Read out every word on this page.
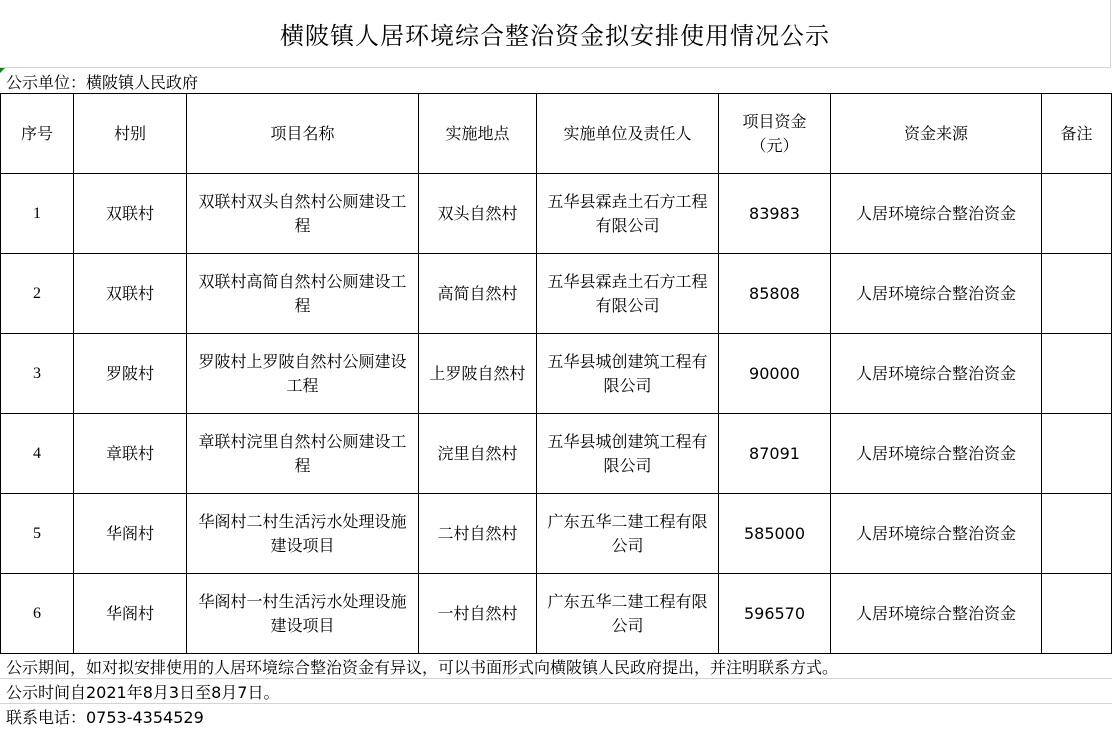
横陂镇人居环境综合整治资金拟安排使用情况公示
公示单位：横陂镇人民政府
序号	村别	项目名称	实施地点	实施单位及责任人	项目资金（元）	资金来源	备注
1	双联村	双联村双头自然村公厕建设工程	双头自然村	五华县霖垚土石方工程有限公司	83983	人居环境综合整治资金	
2	双联村	双联村高简自然村公厕建设工程	高简自然村	五华县霖垚土石方工程有限公司	85808	人居环境综合整治资金	
3	罗陂村	罗陂村上罗陂自然村公厕建设工程	上罗陂自然村	五华县城创建筑工程有限公司	90000	人居环境综合整治资金	
4	章联村	章联村浣里自然村公厕建设工程	浣里自然村	五华县城创建筑工程有限公司	87091	人居环境综合整治资金	
5	华阁村	华阁村二村生活污水处理设施建设项目	二村自然村	广东五华二建工程有限公司	585000	人居环境综合整治资金	
6	华阁村	华阁村一村生活污水处理设施建设项目	一村自然村	广东五华二建工程有限公司	596570	人居环境综合整治资金	
公示期间，如对拟安排使用的人居环境综合整治资金有异议，可以书面形式向横陂镇人民政府提出，并注明联系方式。
公示时间自2021年8月3日至8月7日。
联系电话：0753-4354529
